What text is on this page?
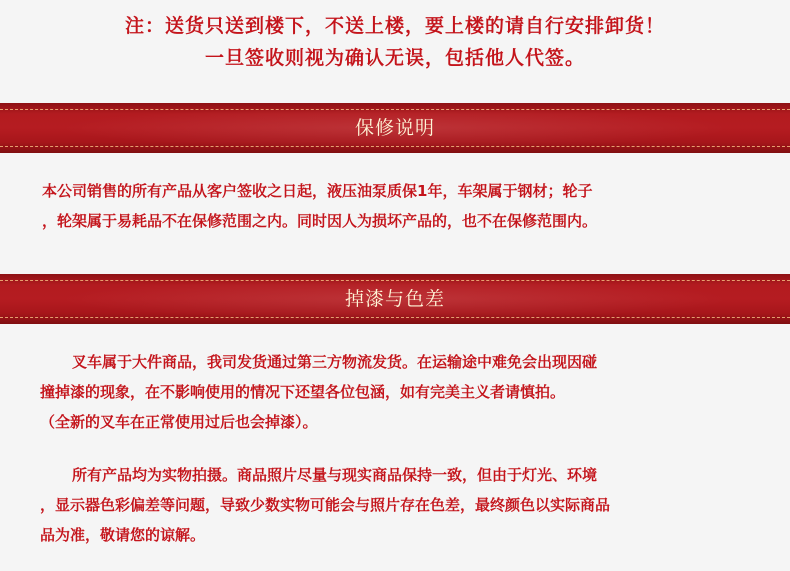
注：送货只送到楼下，不送上楼，要上楼的请自行安排卸货！
一旦签收则视为确认无误，包括他人代签。
保修说明

本公司销售的所有产品从客户签收之日起，液压油泵质保1年，车架属于钢材；轮子
，轮架属于易耗品不在保修范围之内。同时因人为损坏产品的，也不在保修范围内。

掉漆与色差

叉车属于大件商品，我司发货通过第三方物流发货。在运输途中难免会出现因碰
撞掉漆的现象，在不影响使用的情况下还望各位包涵，如有完美主义者请慎拍。
（全新的叉车在正常使用过后也会掉漆）。

所有产品均为实物拍摄。商品照片尽量与现实商品保持一致，但由于灯光、环境
，显示器色彩偏差等问题，导致少数实物可能会与照片存在色差，最终颜色以实际商品
品为准，敬请您的谅解。
